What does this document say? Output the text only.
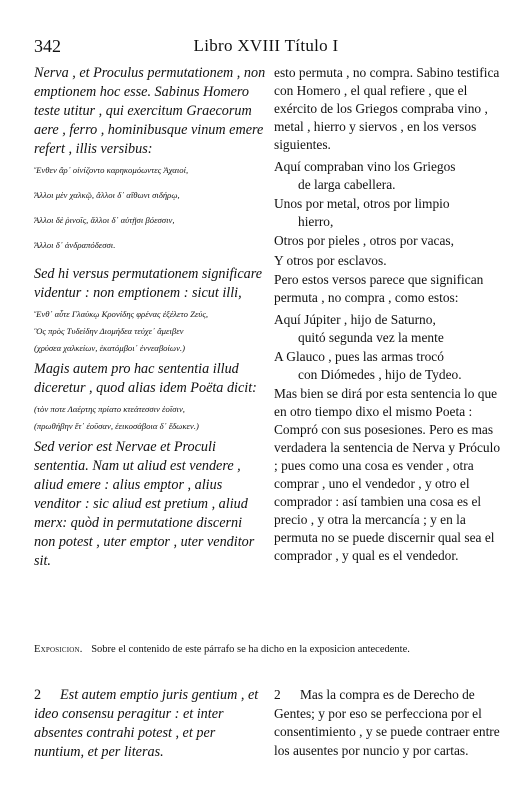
342	Libro XVIII Título I

Nerva , et Proculus permutationem , non emptionem hoc esse. Sabinus Homero teste utitur , qui exercitum Graecorum aere , ferro , hominibusque vinum emere refert , illis versibus:

Ἔνθεν ἄρ᾽ οἰνίζοντο καρηκομόωντες Ἀχαιοί,

Ἄλλοι μὲν χαλκῷ, ἄλλοι δ᾽ αἴθωνι σιδήρῳ,

Ἄλλοι δὲ ῥινοῖς, ἄλλοι δ᾽ αὐτῇσι βόεσσιν,

Ἄλλοι δ᾽ ἀνδραπόδεσσι.

Sed hi versus permutationem significare videntur : non emptionem : sicut illi,

Ἔνθ᾽ αὖτε Γλαύκῳ Κρονίδης φρένας ἐξέλετο Ζεύς,

Ὃς πρὸς Τυδείδην Διομήδεα τεύχε᾽ ἄμειβεν

(χρύσεα χαλκείων, ἑκατόμβοι᾽ ἐννεαβοίων.)

Magis autem pro hac sententia illud diceretur , quod alias idem Poëta dicit:

(τὸν ποτε Λαέρτης πρίατο κτεάτεσσιν ἑοῖσιν,

(πρωθήβην ἔτ᾽ ἐοῦσαν, ἐεικοσάβοια δ᾽ ἔδωκεν.)

Sed verior est Nervae et Proculi sententia. Nam ut aliud est vendere , aliud emere : alius emptor , alius venditor : sic aliud est pretium , aliud merx: quòd in permutatione discerni non potest , uter emptor , uter venditor sit.

esto permuta , no compra. Sabino testifica con Homero , el qual refiere , que el exército de los Griegos compraba vino , metal , hierro y siervos , en los versos siguientes.

Aquí compraban vino los Griegos
de larga cabellera.

Unos por metal, otros por limpio
hierro,

Otros por pieles , otros por vacas,

Y otros por esclavos.

Pero estos versos parece que significan permuta , no compra , como estos:

Aquí Júpiter , hijo de Saturno,
quitó segunda vez la mente

A Glauco , pues las armas trocó
con Diómedes , hijo de Tydeo.

Mas bien se dirá por esta sentencia lo que en otro tiempo dixo el mismo Poeta : Compró con sus posesiones. Pero es mas verdadera la sentencia de Nerva y Próculo ; pues como una cosa es vender , otra comprar , uno el vendedor , y otro el comprador : así tambien una cosa es el precio , y otra la mercancía ; y en la permuta no se puede discernir qual sea el comprador , y qual es el vendedor.

Exposicion. Sobre el contenido de este párrafo se ha dicho en la exposicion antecedente.

2 Est autem emptio juris gentium , et ideo consensu peragitur : et inter absentes contrahi potest , et per nuntium, et per literas.

2 Mas la compra es de Derecho de Gentes; y por eso se perfecciona por el consentimiento , y se puede contraer entre los ausentes por nuncio y por cartas.
